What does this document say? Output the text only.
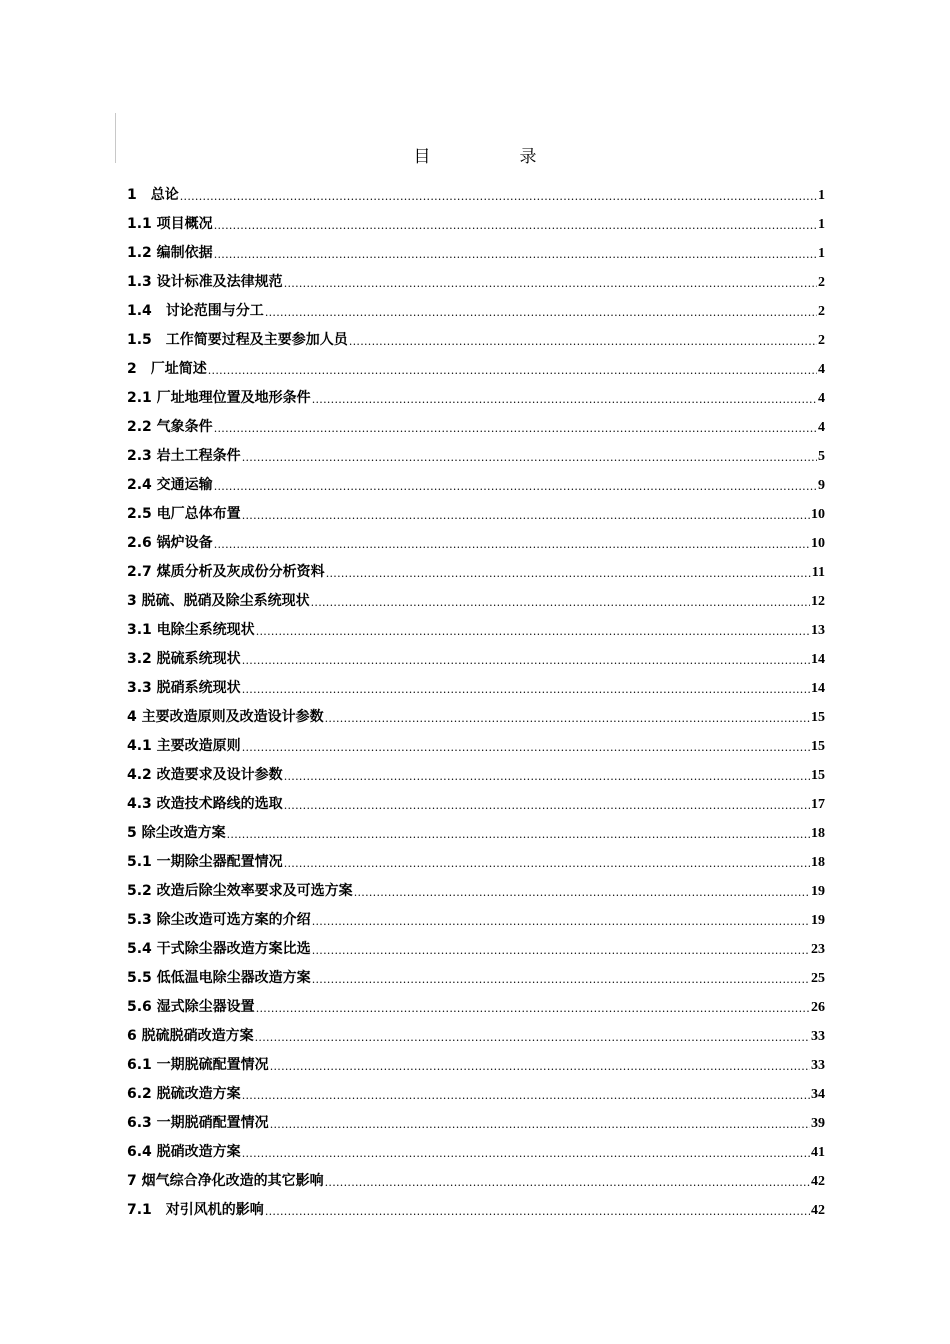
目　录
1　总论 .....	1
1.1 项目概况 .....	1
1.2 编制依据 .....	1
1.3 设计标准及法律规范 .....	2
1.4　讨论范围与分工 .....	2
1.5　工作简要过程及主要参加人员 .....	2
2　厂址简述 .....	4
2.1 厂址地理位置及地形条件 .....	4
2.2 气象条件 .....	4
2.3 岩土工程条件 .....	5
2.4 交通运输 .....	9
2.5 电厂总体布置 .....	10
2.6 锅炉设备 .....	10
2.7 煤质分析及灰成份分析资料 .....	11
3 脱硫、脱硝及除尘系统现状 .....	12
3.1 电除尘系统现状 .....	13
3.2 脱硫系统现状 .....	14
3.3 脱硝系统现状 .....	14
4 主要改造原则及改造设计参数 .....	15
4.1 主要改造原则 .....	15
4.2 改造要求及设计参数 .....	15
4.3 改造技术路线的选取 .....	17
5 除尘改造方案 .....	18
5.1 一期除尘器配置情况 .....	18
5.2 改造后除尘效率要求及可选方案 .....	19
5.3 除尘改造可选方案的介绍 .....	19
5.4 干式除尘器改造方案比选 .....	23
5.5 低低温电除尘器改造方案 .....	25
5.6 湿式除尘器设置 .....	26
6 脱硫脱硝改造方案 .....	33
6.1 一期脱硫配置情况 .....	33
6.2 脱硫改造方案 .....	34
6.3 一期脱硝配置情况 .....	39
6.4 脱硝改造方案 .....	41
7 烟气综合净化改造的其它影响 .....	42
7.1　对引风机的影响 .....	42
